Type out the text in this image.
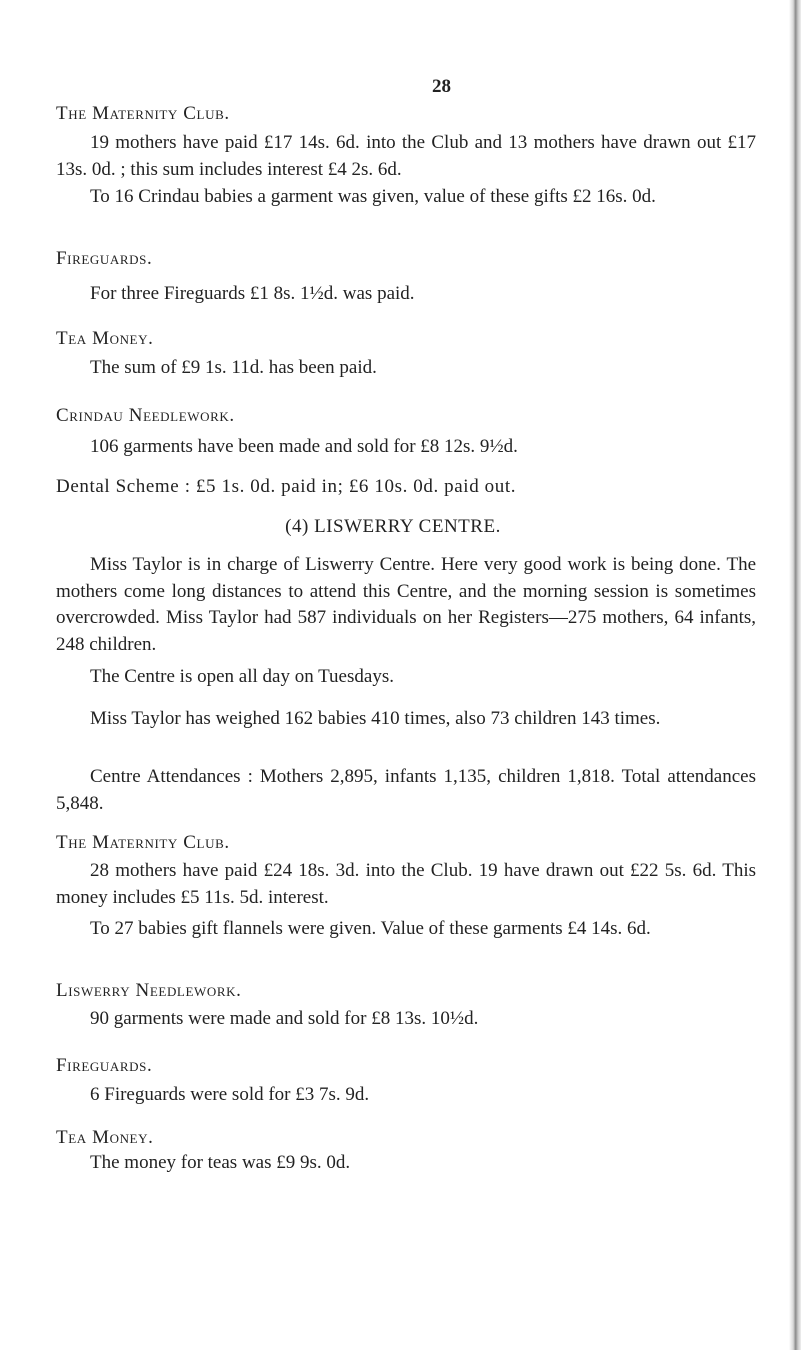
28
The Maternity Club.
19 mothers have paid £17 14s. 6d. into the Club and 13 mothers have drawn out £17 13s. 0d. ; this sum includes interest £4 2s. 6d.
To 16 Crindau babies a garment was given, value of these gifts £2 16s. 0d.
Fireguards.
For three Fireguards £1 8s. 1½d. was paid.
Tea Money.
The sum of £9 1s. 11d. has been paid.
Crindau Needlework.
106 garments have been made and sold for £8 12s. 9½d.
Dental Scheme : £5 1s. 0d. paid in; £6 10s. 0d. paid out.
(4) LISWERRY CENTRE.
Miss Taylor is in charge of Liswerry Centre. Here very good work is being done. The mothers come long distances to attend this Centre, and the morning session is sometimes overcrowded. Miss Taylor had 587 individuals on her Registers—275 mothers, 64 infants, 248 children.
The Centre is open all day on Tuesdays.
Miss Taylor has weighed 162 babies 410 times, also 73 children 143 times.
Centre Attendances : Mothers 2,895, infants 1,135, children 1,818. Total attendances 5,848.
The Maternity Club.
28 mothers have paid £24 18s. 3d. into the Club. 19 have drawn out £22 5s. 6d. This money includes £5 11s. 5d. interest.
To 27 babies gift flannels were given. Value of these garments £4 14s. 6d.
Liswerry Needlework.
90 garments were made and sold for £8 13s. 10½d.
Fireguards.
6 Fireguards were sold for £3 7s. 9d.
Tea Money.
The money for teas was £9 9s. 0d.
